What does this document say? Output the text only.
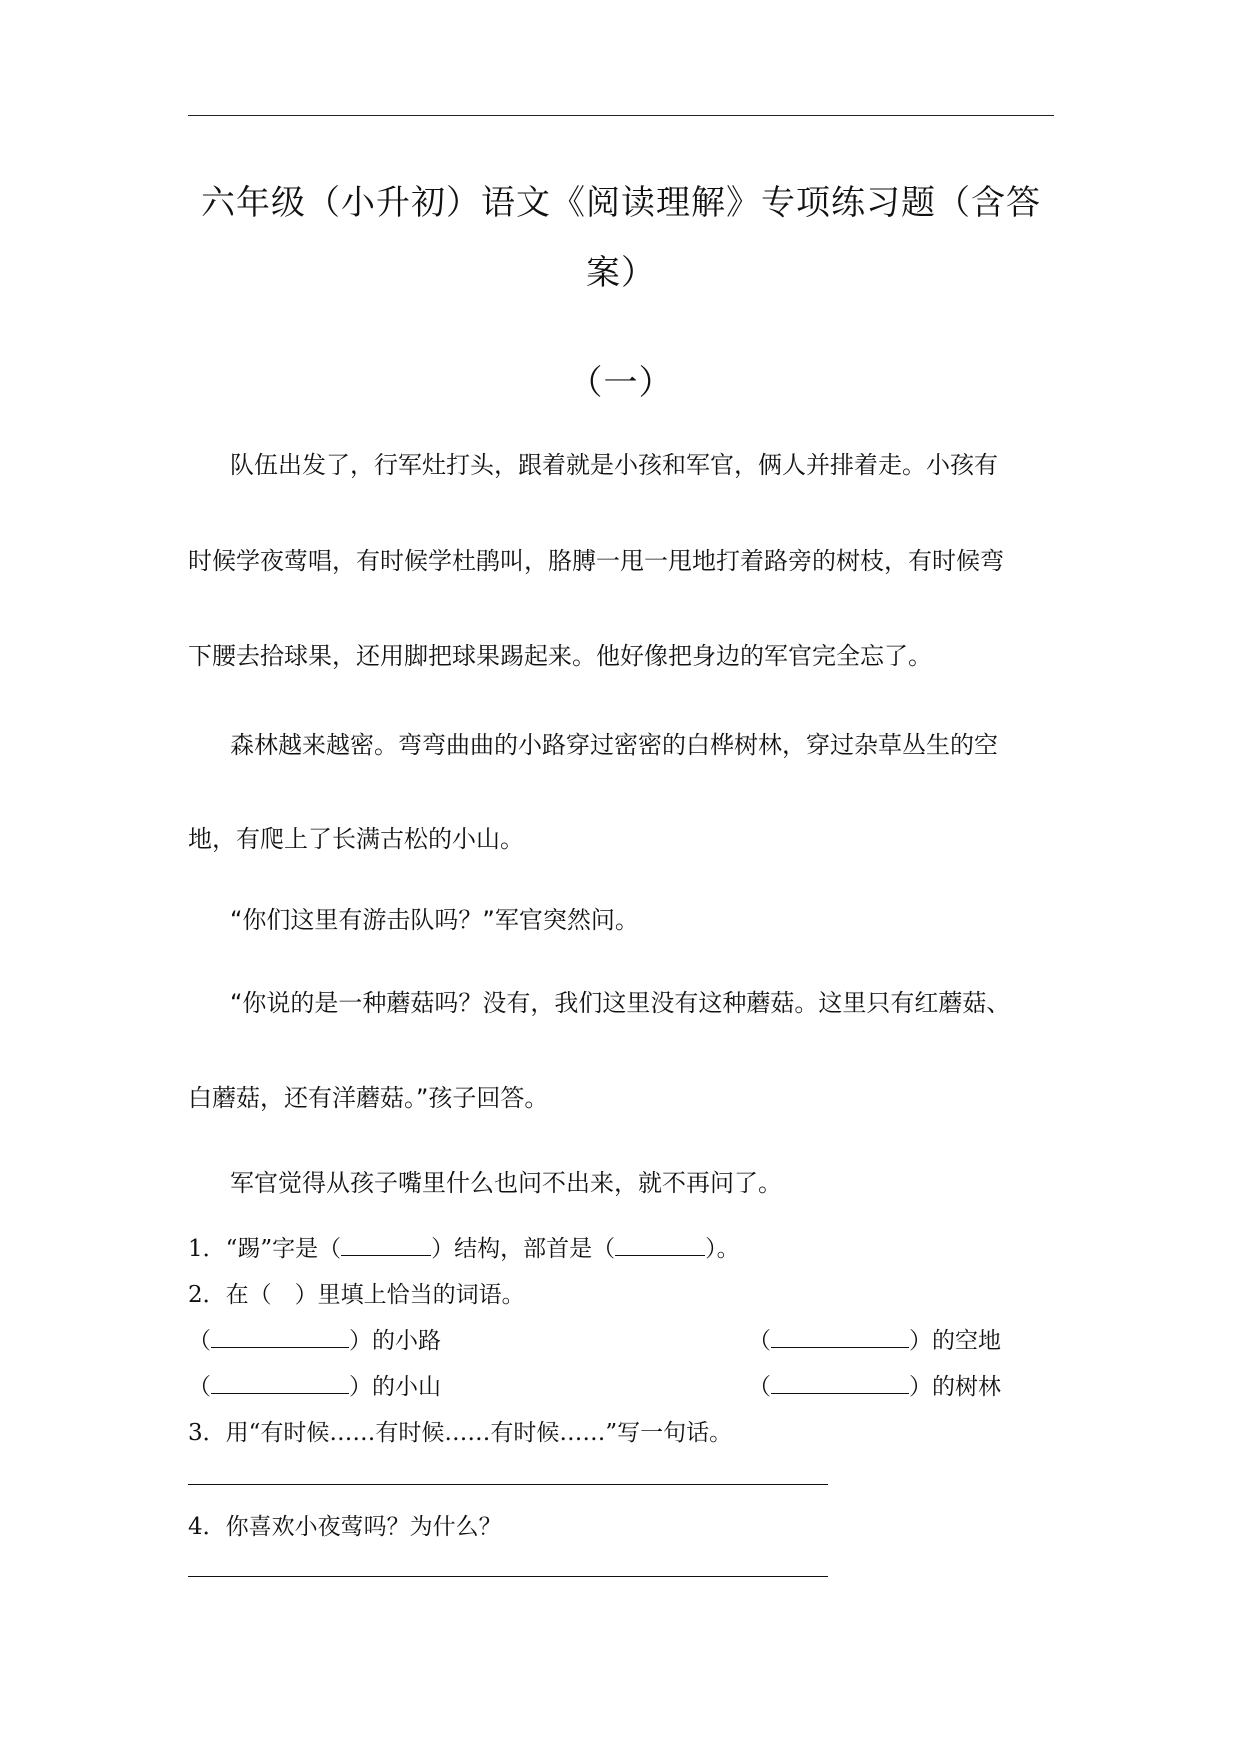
六年级（小升初）语文《阅读理解》专项练习题（含答
案）
（一）
队伍出发了，行军灶打头，跟着就是小孩和军官，俩人并排着走。小孩有
时候学夜莺唱，有时候学杜鹃叫，胳膊一甩一甩地打着路旁的树枝，有时候弯
下腰去拾球果，还用脚把球果踢起来。他好像把身边的军官完全忘了。
森林越来越密。弯弯曲曲的小路穿过密密的白桦树林，穿过杂草丛生的空
地，有爬上了长满古松的小山。
“你们这里有游击队吗？”军官突然问。
“你说的是一种蘑菇吗？没有，我们这里没有这种蘑菇。这里只有红蘑菇、
白蘑菇，还有洋蘑菇。”孩子回答。
军官觉得从孩子嘴里什么也问不出来，就不再问了。
1．“踢”字是（	）结构，部首是（	）。
2．在（　）里填上恰当的词语。
（	）的小路	（	）的空地
（	）的小山	（	）的树林
3．用“有时候……有时候……有时候……”写一句话。
4．你喜欢小夜莺吗？为什么？
